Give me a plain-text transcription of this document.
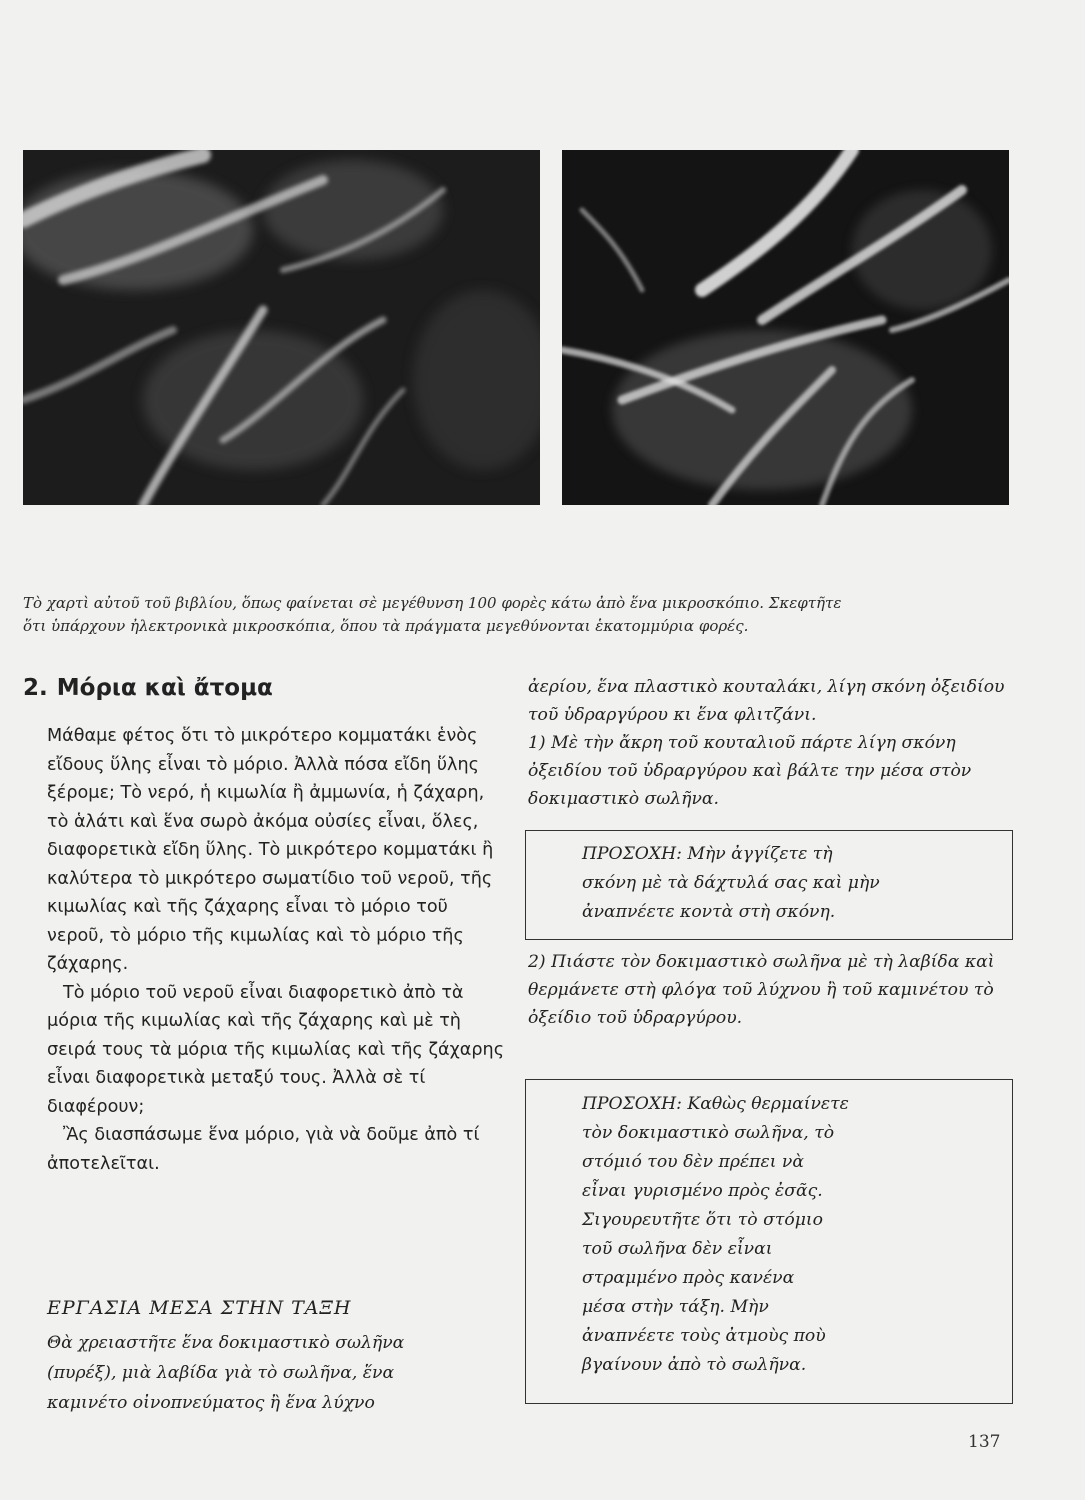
Τὸ χαρτὶ αὐτοῦ τοῦ βιβλίου, ὅπως φαίνεται σὲ μεγέθυνση 100 φορὲς κάτω ἀπὸ ἕνα μικροσκόπιο. Σκεφτῆτε

ὅτι ὑπάρχουν ἠλεκτρονικὰ μικροσκόπια, ὅπου τὰ πράγματα μεγεθύνονται ἑκατομμύρια φορές.

2. Μόρια καὶ ἄτομα

Μάθαμε φέτος ὅτι τὸ μικρότερο κομματάκι ἑνὸς εἴδους ὕλης εἶναι τὸ μόριο. Ἀλλὰ πόσα εἴδη ὕλης ξέρομε; Τὸ νερό, ἡ κιμωλία ἢ ἀμμωνία, ἡ ζάχαρη, τὸ ἁλάτι καὶ ἕνα σωρὸ ἀκόμα οὐσίες εἶναι, ὅλες, διαφορετικὰ εἴδη ὕλης. Τὸ μικρότερο κομματάκι ἢ καλύτερα τὸ μικρότερο σωματίδιο τοῦ νεροῦ, τῆς κιμωλίας καὶ τῆς ζάχαρης εἶναι τὸ μόριο τοῦ νεροῦ, τὸ μόριο τῆς κιμωλίας καὶ τὸ μόριο τῆς ζάχαρης.

Τὸ μόριο τοῦ νεροῦ εἶναι διαφορετικὸ ἀπὸ τὰ μόρια τῆς κιμωλίας καὶ τῆς ζάχαρης καὶ μὲ τὴ σειρά τους τὰ μόρια τῆς κιμωλίας καὶ τῆς ζάχαρης εἶναι διαφορετικὰ μεταξύ τους. Ἀλλὰ σὲ τί διαφέρουν;

Ἂς διασπάσωμε ἕνα μόριο, γιὰ νὰ δοῦμε ἀπὸ τί ἀποτελεῖται.

ΕΡΓΑΣΙΑ ΜΕΣΑ ΣΤΗΝ ΤΑΞΗ

Θὰ χρειαστῆτε ἕνα δοκιμαστικὸ σωλῆνα (πυρέξ), μιὰ λαβίδα γιὰ τὸ σωλῆνα, ἕνα καμινέτο οἰνοπνεύματος ἢ ἕνα λύχνο

ἀερίου, ἕνα πλαστικὸ κουταλάκι, λίγη σκόνη ὀξειδίου τοῦ ὑδραργύρου κι ἕνα φλιτζάνι.

1) Μὲ τὴν ἄκρη τοῦ κουταλιοῦ πάρτε λίγη σκόνη ὀξειδίου τοῦ ὑδραργύρου καὶ βάλτε την μέσα στὸν δοκιμαστικὸ σωλῆνα.

ΠΡΟΣΟΧΗ: Μὴν ἀγγίζετε τὴ

σκόνη μὲ τὰ δάχτυλά σας καὶ μὴν

ἀναπνέετε κοντὰ στὴ σκόνη.

2) Πιάστε τὸν δοκιμαστικὸ σωλῆνα μὲ τὴ λαβίδα καὶ θερμάνετε στὴ φλόγα τοῦ λύχνου ἢ τοῦ καμινέτου τὸ ὀξείδιο τοῦ ὑδραργύρου.

ΠΡΟΣΟΧΗ: Καθὼς θερμαίνετε

τὸν δοκιμαστικὸ σωλῆνα, τὸ

στόμιό του δὲν πρέπει νὰ

εἶναι γυρισμένο πρὸς ἐσᾶς.

Σιγουρευτῆτε ὅτι τὸ στόμιο

τοῦ σωλῆνα δὲν εἶναι

στραμμένο πρὸς κανένα

μέσα στὴν τάξη. Μὴν

ἀναπνέετε τοὺς ἀτμοὺς ποὺ

βγαίνουν ἀπὸ τὸ σωλῆνα.

137
